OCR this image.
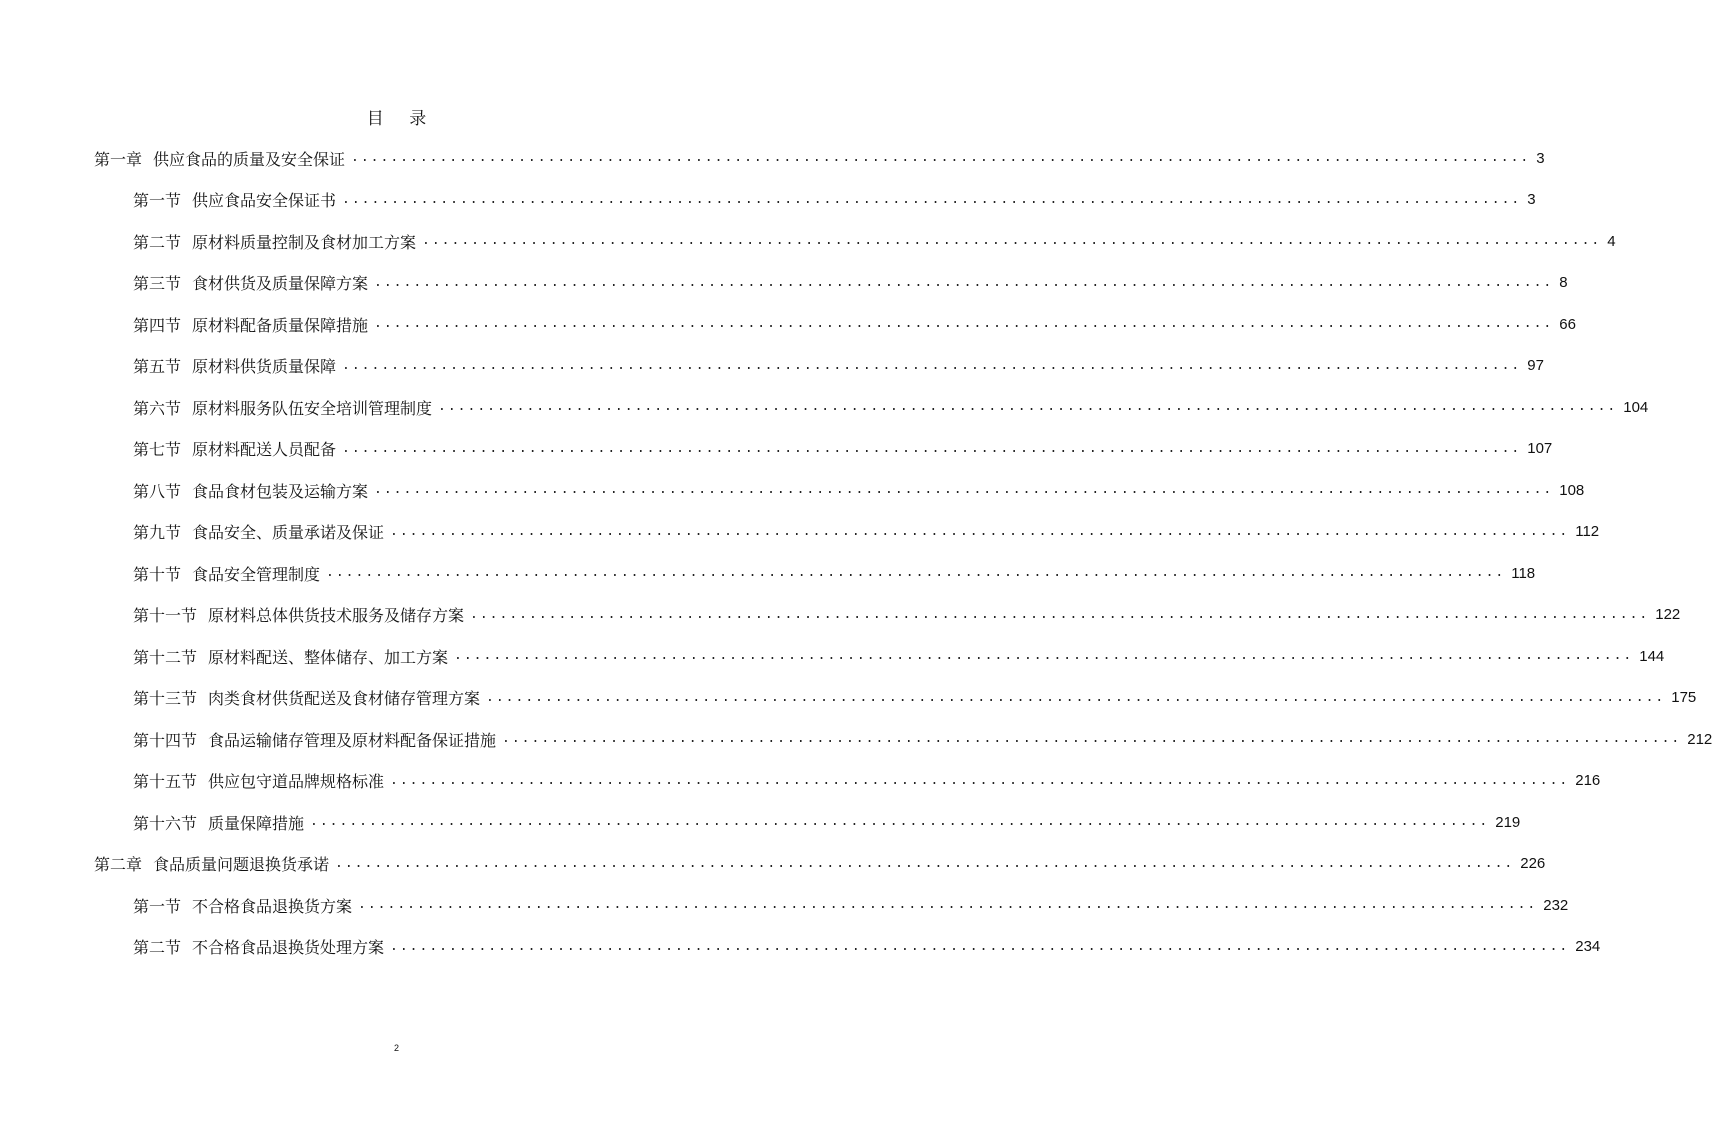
目 录
第一章 供应食品的质量及安全保证 ........................................................................................................................ 3
第一节 供应食品安全保证书 ........................................................................................................................ 3
第二节 原材料质量控制及食材加工方案 ........................................................................................................................ 4
第三节 食材供货及质量保障方案 ........................................................................................................................ 8
第四节 原材料配备质量保障措施 ........................................................................................................................ 66
第五节 原材料供货质量保障 ........................................................................................................................ 97
第六节 原材料服务队伍安全培训管理制度 ........................................................................................................................ 104
第七节 原材料配送人员配备 ........................................................................................................................ 107
第八节 食品食材包装及运输方案 ........................................................................................................................ 108
第九节 食品安全、质量承诺及保证 ........................................................................................................................ 112
第十节 食品安全管理制度 ........................................................................................................................ 118
第十一节 原材料总体供货技术服务及储存方案 ........................................................................................................................ 122
第十二节 原材料配送、整体储存、加工方案 ........................................................................................................................ 144
第十三节 肉类食材供货配送及食材储存管理方案 ........................................................................................................................ 175
第十四节 食品运输储存管理及原材料配备保证措施 ........................................................................................................................ 212
第十五节 供应包守道品牌规格标准 ........................................................................................................................ 216
第十六节 质量保障措施 ........................................................................................................................ 219
第二章 食品质量问题退换货承诺 ........................................................................................................................ 226
第一节 不合格食品退换货方案 ........................................................................................................................ 232
第二节 不合格食品退换货处理方案 ........................................................................................................................ 234
2
